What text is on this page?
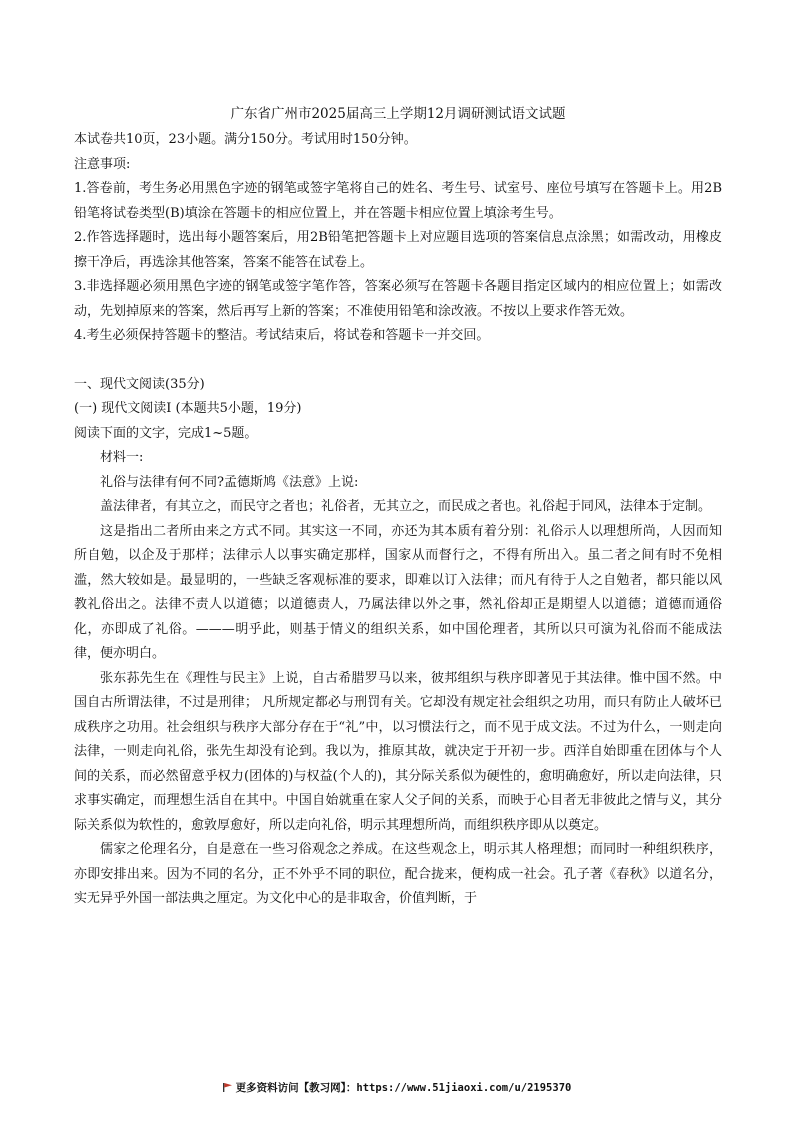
广东省广州市2025届高三上学期12月调研测试语文试题

本试卷共10页，23小题。满分150分。考试用时150分钟。

注意事项:

1.答卷前，考生务必用黑色字迹的钢笔或签字笔将自己的姓名、考生号、试室号、座位号填写在答题卡上。用2B铅笔将试卷类型(B)填涂在答题卡的相应位置上，并在答题卡相应位置上填涂考生号。

2.作答选择题时，选出每小题答案后，用2B铅笔把答题卡上对应题目选项的答案信息点涂黑；如需改动，用橡皮擦干净后，再选涂其他答案，答案不能答在试卷上。

3.非选择题必须用黑色字迹的钢笔或签字笔作答，答案必须写在答题卡各题目指定区域内的相应位置上；如需改动，先划掉原来的答案，然后再写上新的答案；不准使用铅笔和涂改液。不按以上要求作答无效。

4.考生必须保持答题卡的整洁。考试结束后，将试卷和答题卡一并交回。

一、现代文阅读(35分)

(一) 现代文阅读Ⅰ (本题共5小题，19分)

阅读下面的文字，完成1~5题。

材料一:

礼俗与法律有何不同?孟德斯鸠《法意》上说:

盖法律者，有其立之，而民守之者也；礼俗者，无其立之，而民成之者也。礼俗起于同风，法律本于定制。

这是指出二者所由来之方式不同。其实这一不同，亦还为其本质有着分别：礼俗示人以理想所尚，人因而知所自勉，以企及于那样；法律示人以事实确定那样，国家从而督行之，不得有所出入。虽二者之间有时不免相滥，然大较如是。最显明的，一些缺乏客观标准的要求，即难以订入法律；而凡有待于人之自勉者，都只能以风教礼俗出之。法律不责人以道德；以道德责人，乃属法律以外之事，然礼俗却正是期望人以道德；道德而通俗化，亦即成了礼俗。———明乎此，则基于情义的组织关系，如中国伦理者，其所以只可演为礼俗而不能成法律，便亦明白。

张东荪先生在《理性与民主》上说，自古希腊罗马以来，彼邦组织与秩序即著见于其法律。惟中国不然。中国自古所谓法律，不过是刑律； 凡所规定都必与刑罚有关。它却没有规定社会组织之功用，而只有防止人破坏已成秩序之功用。社会组织与秩序大部分存在于“礼”中，以习惯法行之，而不见于成文法。不过为什么，一则走向法律，一则走向礼俗，张先生却没有论到。我以为，推原其故，就决定于开初一步。西洋自始即重在团体与个人间的关系，而必然留意乎权力(团体的)与权益(个人的)，其分际关系似为硬性的，愈明确愈好，所以走向法律，只求事实确定，而理想生活自在其中。中国自始就重在家人父子间的关系，而映于心目者无非彼此之情与义，其分际关系似为软性的，愈敦厚愈好，所以走向礼俗，明示其理想所尚，而组织秩序即从以奠定。

儒家之伦理名分，自是意在一些习俗观念之养成。在这些观念上，明示其人格理想；而同时一种组织秩序，亦即安排出来。因为不同的名分，正不外乎不同的职位，配合拢来，便构成一社会。孔子著《春秋》以道名分，实无异乎外国一部法典之厘定。为文化中心的是非取舍，价值判断，于

更多资料访问【教习网】：https://www.51jiaoxi.com/u/2195370
